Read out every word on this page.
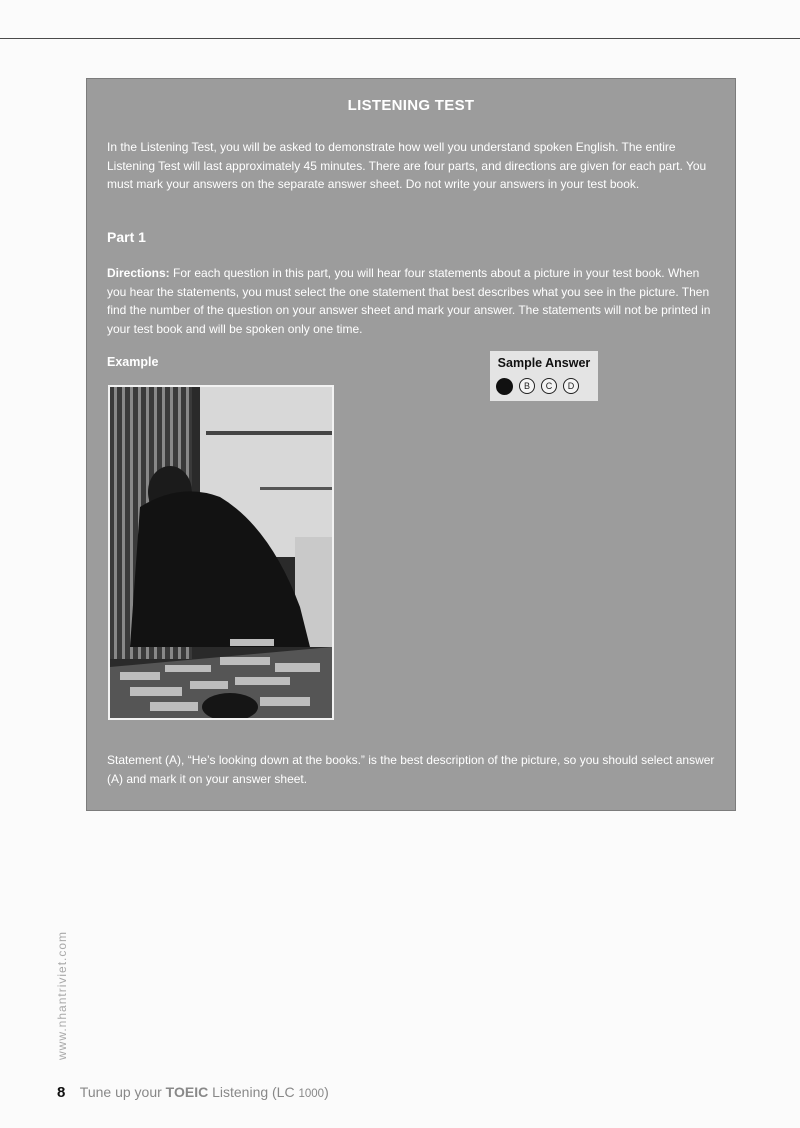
LISTENING TEST

In the Listening Test, you will be asked to demonstrate how well you understand spoken English. The entire Listening Test will last approximately 45 minutes. There are four parts, and directions are given for each part. You must mark your answers on the separate answer sheet. Do not write your answers in your test book.

Part 1

Directions: For each question in this part, you will hear four statements about a picture in your test book. When you hear the statements, you must select the one statement that best describes what you see in the picture. Then find the number of the question on your answer sheet and mark your answer. The statements will not be printed in your test book and will be spoken only one time.

Example	Sample Answer
B	C	D

Statement (A), “He’s looking down at the books.” is the best description of the picture, so you should select answer (A) and mark it on your answer sheet.

www.nhantriviet.com
8 Tune up your TOEIC Listening (LC 1000)
